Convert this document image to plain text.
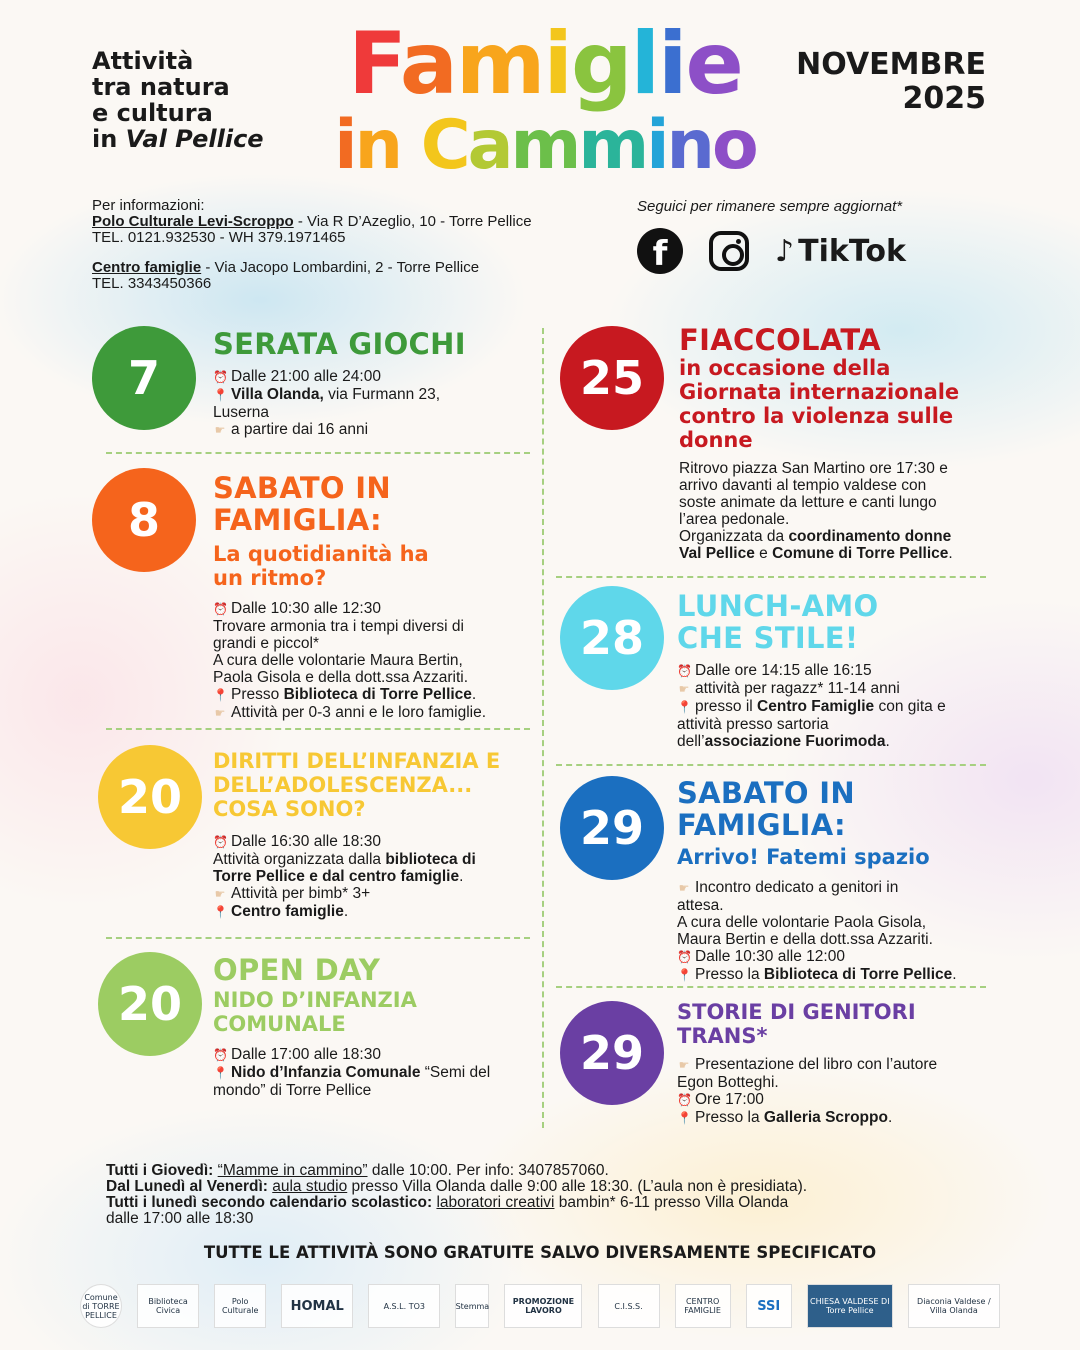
Attività
tra natura
e cultura
in Val Pellice
Famiglie
in Cammino
NOVEMBRE
2025

Per informazioni:

Polo Culturale Levi-Scroppo - Via R D’Azeglio, 10 - Torre Pellice

TEL. 0121.932530 - WH 379.1971465

Centro famiglie - Via Jacopo Lombardini, 2 - Torre Pellice

TEL. 3343450366

Seguici per rimanere sempre aggiornat*
f	♪ TikTok
7
SERATA GIOCHI

⏰ Dalle 21:00 alle 24:00

📍 Villa Olanda, via Furmann 23,

Luserna

☛ a partire dai 16 anni

8
SABATO IN
FAMIGLIA:
La quotidianità ha
un ritmo?

⏰ Dalle 10:30 alle 12:30

Trovare armonia tra i tempi diversi di

grandi e piccol*

A cura delle volontarie Maura Bertin,

Paola Gisola e della dott.ssa Azzariti.

📍 Presso Biblioteca di Torre Pellice.

☛ Attività per 0-3 anni e le loro famiglie.

20
DIRITTI DELL’INFANZIA E
DELL’ADOLESCENZA...
COSA SONO?

⏰ Dalle 16:30 alle 18:30

Attività organizzata dalla biblioteca di

Torre Pellice e dal centro famiglie.

☛ Attività per bimb* 3+

📍 Centro famiglie.

20
OPEN DAY
NIDO D’INFANZIA
COMUNALE

⏰ Dalle 17:00 alle 18:30

📍 Nido d’Infanzia Comunale “Semi del

mondo” di Torre Pellice

25
FIACCOLATA
in occasione della
Giornata internazionale
contro la violenza sulle
donne

Ritrovo piazza San Martino ore 17:30 e

arrivo davanti al tempio valdese con

soste animate da letture e canti lungo

l’area pedonale.

Organizzata da coordinamento donne

Val Pellice e Comune di Torre Pellice.

28
LUNCH-AMO
CHE STILE!

⏰ Dalle ore 14:15 alle 16:15

☛ attività per ragazz* 11-14 anni

📍 presso il Centro Famiglie con gita e

attività presso sartoria

dell’associazione Fuorimoda.

29
SABATO IN
FAMIGLIA:
Arrivo! Fatemi spazio

☛ Incontro dedicato a genitori in

attesa.

A cura delle volontarie Paola Gisola,

Maura Bertin e della dott.ssa Azzariti.

⏰ Dalle 10:30 alle 12:00

📍 Presso la Biblioteca di Torre Pellice.

29
STORIE DI GENITORI
TRANS*

☛ Presentazione del libro con l’autore

Egon Botteghi.

⏰ Ore 17:00

📍 Presso la Galleria Scroppo.

Tutti i Giovedì: “Mamme in cammino” dalle 10:00. Per info: 3407857060.

Dal Lunedì al Venerdì: aula studio presso Villa Olanda dalle 9:00 alle 18:30. (L’aula non è presidiata).

Tutti i lunedì secondo calendario scolastico: laboratori creativi bambin* 6-11 presso Villa Olanda

dalle 17:00 alle 18:30

TUTTE LE ATTIVITÀ SONO GRATUITE SALVO DIVERSAMENTE SPECIFICATO
Comune di TORRE PELLICE
Biblioteca Civica
Polo Culturale	HOMAL	A.S.L. TO3	Stemma	PROMOZIONE LAVORO	C.I.S.S.	CENTRO FAMIGLIE	SSI	CHIESA VALDESE DI Torre Pellice
Diaconia Valdese / Villa Olanda
